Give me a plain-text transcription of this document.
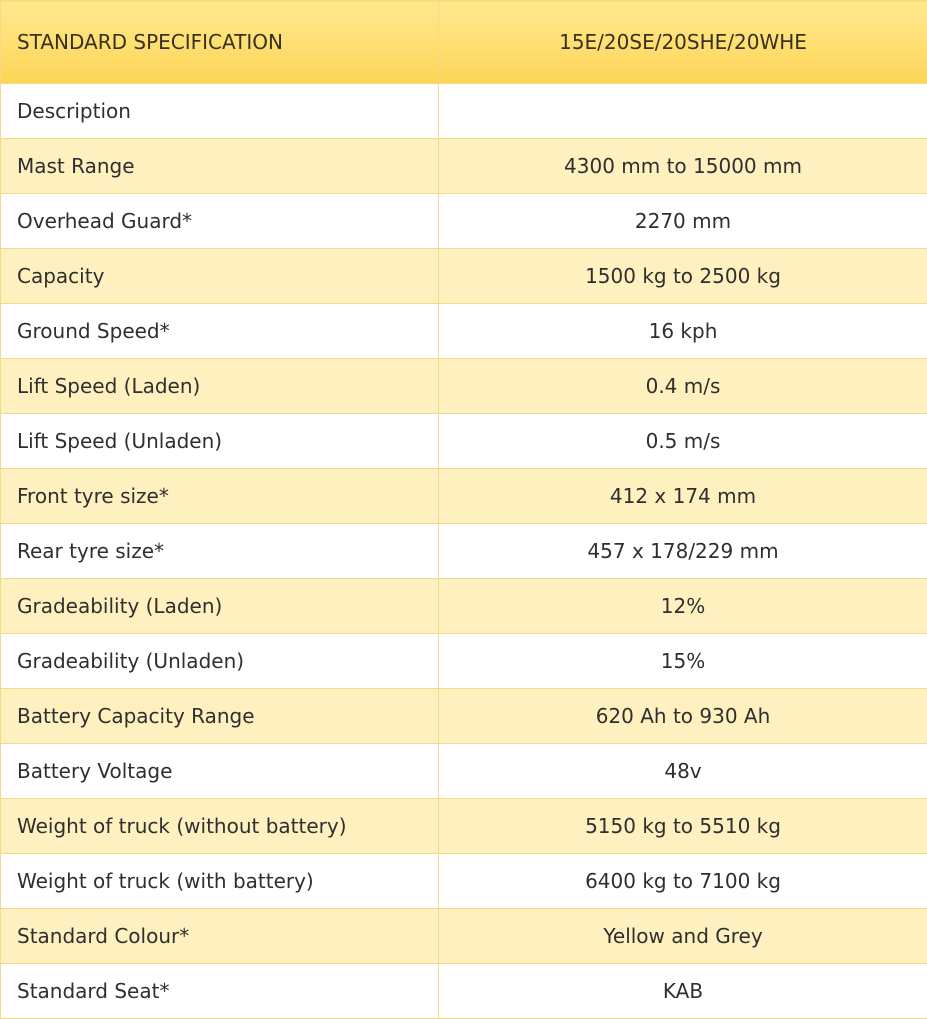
STANDARD SPECIFICATION	15E/20SE/20SHE/20WHE
Description	
Mast Range	4300 mm to 15000 mm
Overhead Guard*	2270 mm
Capacity	1500 kg to 2500 kg
Ground Speed*	16 kph
Lift Speed (Laden)	0.4 m/s
Lift Speed (Unladen)	0.5 m/s
Front tyre size*	412 x 174 mm
Rear tyre size*	457 x 178/229 mm
Gradeability (Laden)	12%
Gradeability (Unladen)	15%
Battery Capacity Range	620 Ah to 930 Ah
Battery Voltage	48v
Weight of truck (without battery)	5150 kg to 5510 kg
Weight of truck (with battery)	6400 kg to 7100 kg
Standard Colour*	Yellow and Grey
Standard Seat*	KAB
